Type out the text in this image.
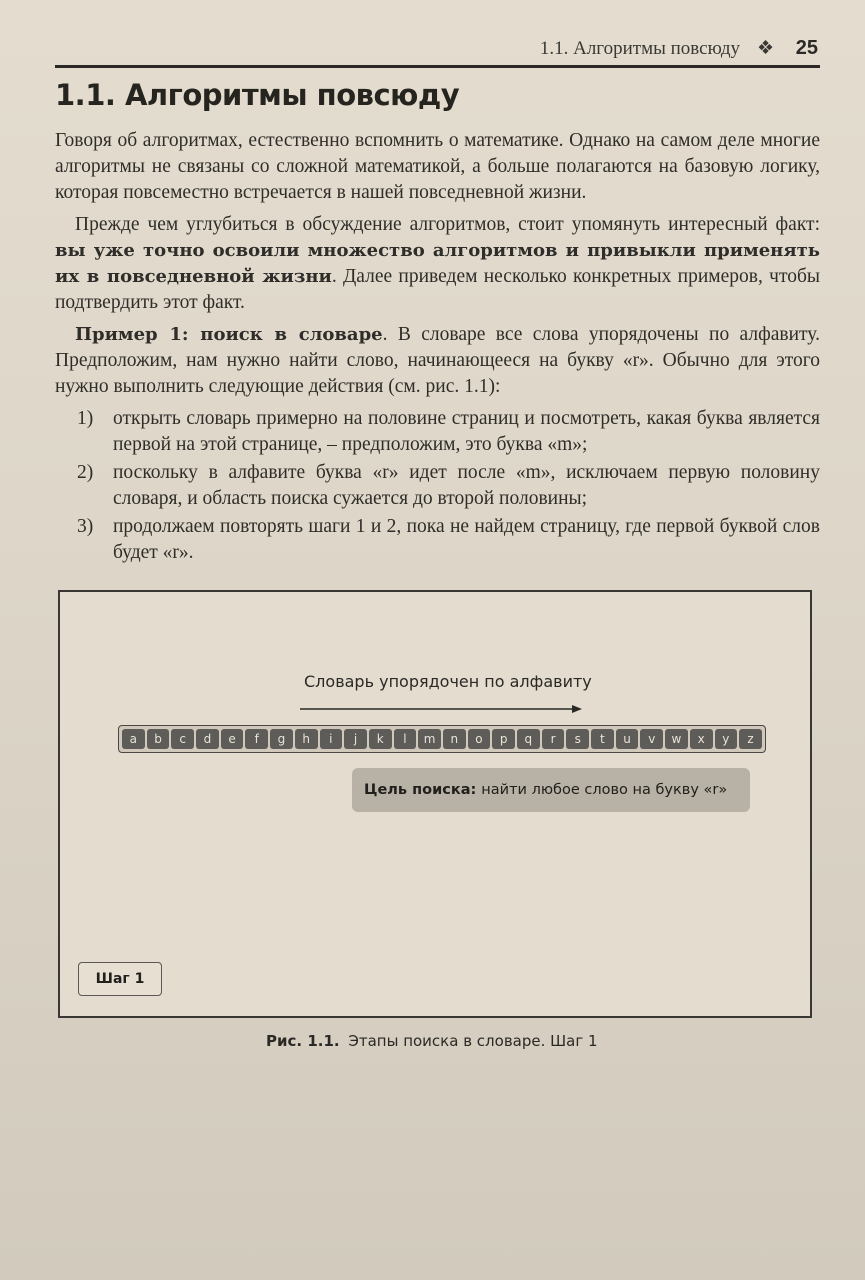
1.1. Алгоритмы повсюду ❖ 25
1.1. Алгоритмы повсюду

Говоря об алгоритмах, естественно вспомнить о математике. Однако на самом деле многие алгоритмы не связаны со сложной математикой, а больше полагаются на базовую логику, которая повсеместно встречается в нашей повседневной жизни.

Прежде чем углубиться в обсуждение алгоритмов, стоит упомянуть интересный факт: вы уже точно освоили множество алгоритмов и привыкли применять их в повседневной жизни. Далее приведем несколько конкретных примеров, чтобы подтвердить этот факт.

Пример 1: поиск в словаре. В словаре все слова упорядочены по алфавиту. Предположим, нам нужно найти слово, начинающееся на букву «r». Обычно для этого нужно выполнить следующие действия (см. рис. 1.1):

1)	открыть словарь примерно на половине страниц и посмотреть, какая буква является первой на этой странице, – предположим, это буква «m»;
2)	поскольку в алфавите буква «r» идет после «m», исключаем первую половину словаря, и область поиска сужается до второй половины;
3)	продолжаем повторять шаги 1 и 2, пока не найдем страницу, где первой буквой слов будет «r».
Словарь упорядочен по алфавиту
a	b	c	d	e	f	g	h	i	j	k	l	m	n	o	p	q	r	s	t	u	v	w	x	y	z
Цель поиска: найти любое слово на букву «r»
Шаг 1
Рис. 1.1. Этапы поиска в словаре. Шаг 1
